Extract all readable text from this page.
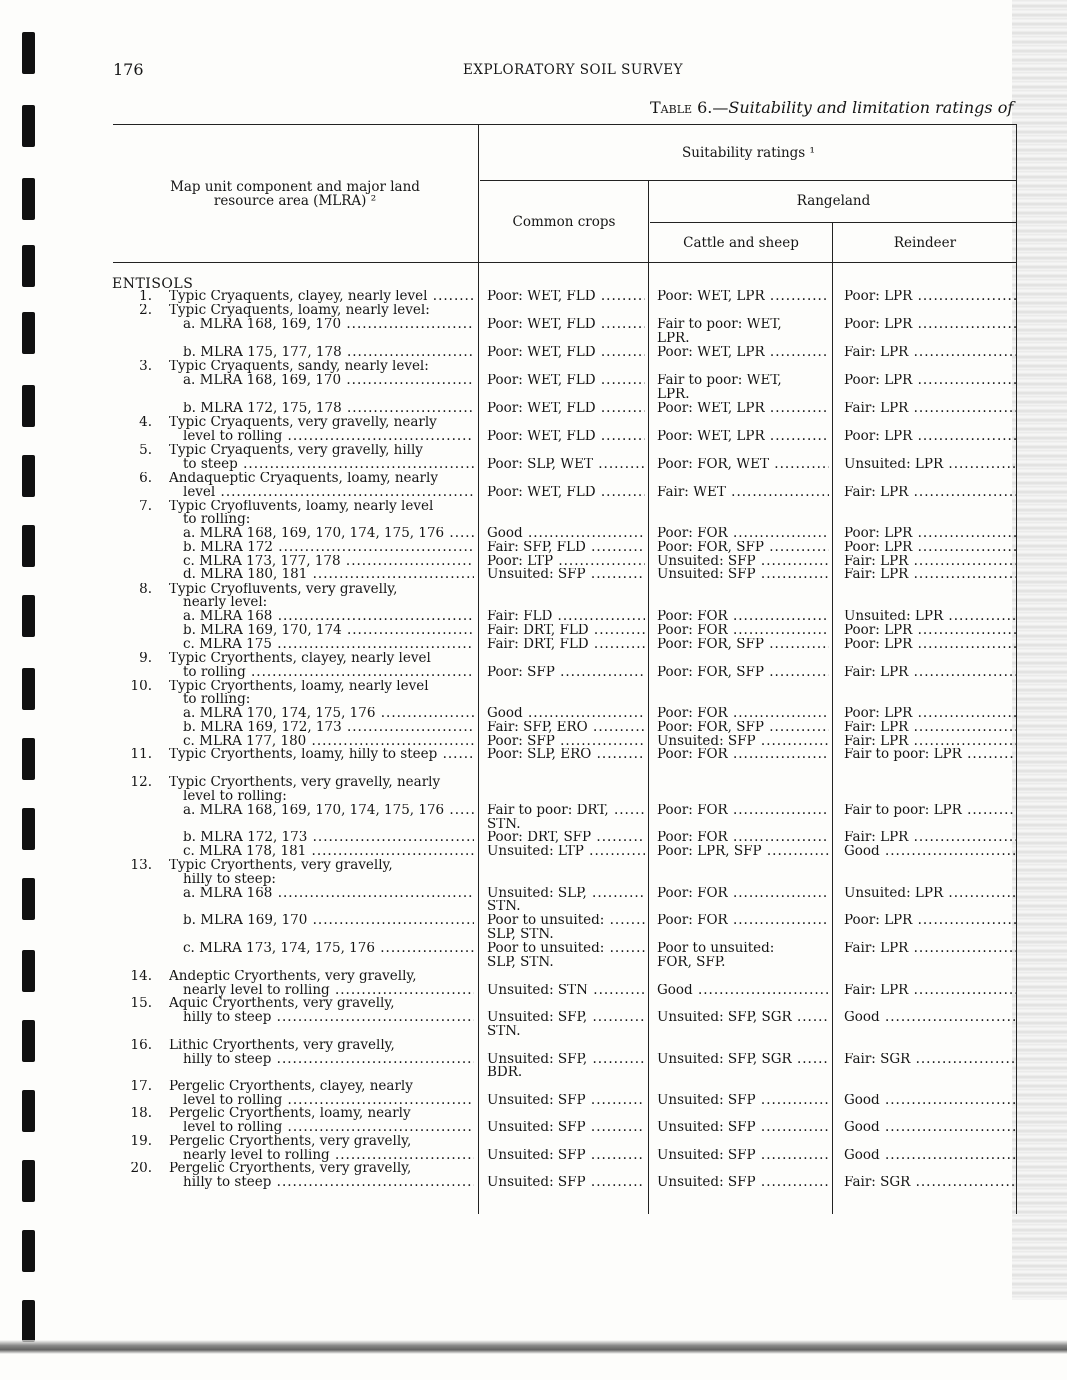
176	EXPLORATORY SOIL SURVEY
Table 6.—Suitability and limitation ratings of
Map unit component and major land resource area (MLRA) ²
Suitability ratings ¹
Common crops
Rangeland
Cattle and sheep	Reindeer
ENTISOLS
1. Typic Cryaquents, clayey, nearly level .....	Poor: WET, FLD .....	Poor: WET, LPR .....	Poor: LPR .....
2. Typic Cryaquents, loamy, nearly level:
a. MLRA 168, 169, 170 .....	Poor: WET, FLD .....	Fair to poor: WET,	Poor: LPR .....
LPR.
b. MLRA 175, 177, 178 .....	Poor: WET, FLD .....	Poor: WET, LPR .....	Fair: LPR .....
3. Typic Cryaquents, sandy, nearly level:
a. MLRA 168, 169, 170 .....	Poor: WET, FLD .....	Fair to poor: WET,	Poor: LPR .....
LPR.
b. MLRA 172, 175, 178 .....	Poor: WET, FLD .....	Poor: WET, LPR .....	Fair: LPR .....
4. Typic Cryaquents, very gravelly, nearly
level to rolling .....	Poor: WET, FLD .....	Poor: WET, LPR .....	Poor: LPR .....
5. Typic Cryaquents, very gravelly, hilly
to steep .....	Poor: SLP, WET .....	Poor: FOR, WET .....	Unsuited: LPR .....
6. Andaqueptic Cryaquents, loamy, nearly
level .....	Poor: WET, FLD .....	Fair: WET .....	Fair: LPR .....
7. Typic Cryofluvents, loamy, nearly level
to rolling:
a. MLRA 168, 169, 170, 174, 175, 176 .....	Good .....	Poor: FOR .....	Poor: LPR .....
b. MLRA 172 .....	Fair: SFP, FLD .....	Poor: FOR, SFP .....	Poor: LPR .....
c. MLRA 173, 177, 178 .....	Poor: LTP .....	Unsuited: SFP .....	Fair: LPR .....
d. MLRA 180, 181 .....	Unsuited: SFP .....	Unsuited: SFP .....	Fair: LPR .....
8. Typic Cryofluvents, very gravelly,
nearly level:
a. MLRA 168 .....	Fair: FLD .....	Poor: FOR .....	Unsuited: LPR .....
b. MLRA 169, 170, 174 .....	Fair: DRT, FLD .....	Poor: FOR .....	Poor: LPR .....
c. MLRA 175 .....	Fair: DRT, FLD .....	Poor: FOR, SFP .....	Poor: LPR .....
9. Typic Cryorthents, clayey, nearly level
to rolling .....	Poor: SFP .....	Poor: FOR, SFP .....	Fair: LPR .....
10. Typic Cryorthents, loamy, nearly level
to rolling:
a. MLRA 170, 174, 175, 176 .....	Good .....	Poor: FOR .....	Poor: LPR .....
b. MLRA 169, 172, 173 .....	Fair: SFP, ERO .....	Poor: FOR, SFP .....	Fair: LPR .....
c. MLRA 177, 180 .....	Poor: SFP .....	Unsuited: SFP .....	Fair: LPR .....
11. Typic Cryorthents, loamy, hilly to steep .....	Poor: SLP, ERO .....	Poor: FOR .....	Fair to poor: LPR .....
12. Typic Cryorthents, very gravelly, nearly
level to rolling:
a. MLRA 168, 169, 170, 174, 175, 176 .....	Fair to poor: DRT, .....	Poor: FOR .....	Fair to poor: LPR .....
STN.
b. MLRA 172, 173 .....	Poor: DRT, SFP .....	Poor: FOR .....	Fair: LPR .....
c. MLRA 178, 181 .....	Unsuited: LTP .....	Poor: LPR, SFP .....	Good .....
13. Typic Cryorthents, very gravelly,
hilly to steep:
a. MLRA 168 .....	Unsuited: SLP, .....	Poor: FOR .....	Unsuited: LPR .....
STN.
b. MLRA 169, 170 .....	Poor to unsuited: .....	Poor: FOR .....	Poor: LPR .....
SLP, STN.
c. MLRA 173, 174, 175, 176 .....	Poor to unsuited: .....	Poor to unsuited:	Fair: LPR .....
SLP, STN.	FOR, SFP.
14. Andeptic Cryorthents, very gravelly,
nearly level to rolling .....	Unsuited: STN .....	Good .....	Fair: LPR .....
15. Aquic Cryorthents, very gravelly,
hilly to steep .....	Unsuited: SFP, .....	Unsuited: SFP, SGR .....	Good .....
STN.
16. Lithic Cryorthents, very gravelly,
hilly to steep .....	Unsuited: SFP, .....	Unsuited: SFP, SGR .....	Fair: SGR .....
BDR.
17. Pergelic Cryorthents, clayey, nearly
level to rolling .....	Unsuited: SFP .....	Unsuited: SFP .....	Good .....
18. Pergelic Cryorthents, loamy, nearly
level to rolling .....	Unsuited: SFP .....	Unsuited: SFP .....	Good .....
19. Pergelic Cryorthents, very gravelly,
nearly level to rolling .....	Unsuited: SFP .....	Unsuited: SFP .....	Good .....
20. Pergelic Cryorthents, very gravelly,
hilly to steep .....	Unsuited: SFP .....	Unsuited: SFP .....	Fair: SGR .....
